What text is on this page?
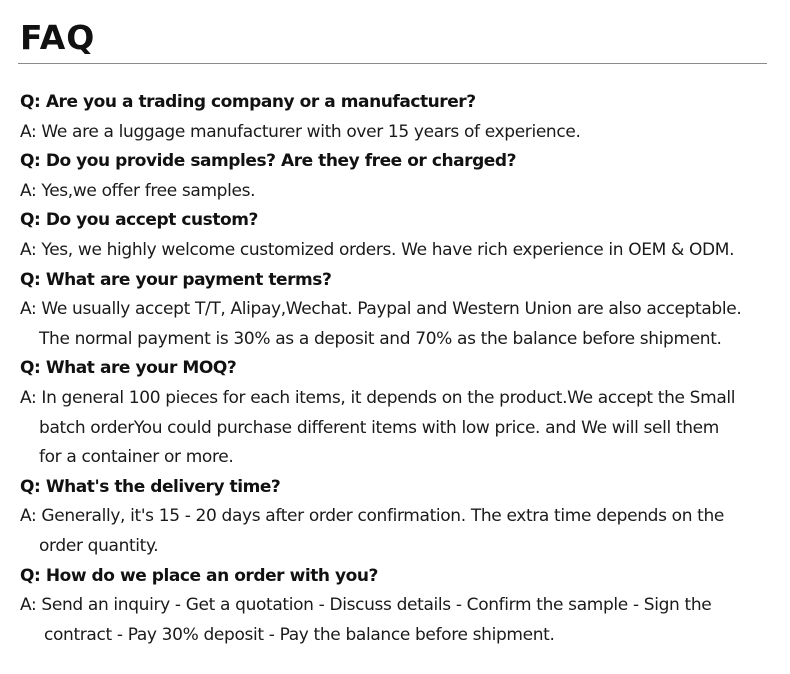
FAQ

Q: Are you a trading company or a manufacturer?

A: We are a luggage manufacturer with over 15 years of experience.

Q: Do you provide samples? Are they free or charged?

A: Yes,we offer free samples.

Q: Do you accept custom?

A: Yes, we highly welcome customized orders. We have rich experience in OEM & ODM.

Q: What are your payment terms?

A: We usually accept T/T, Alipay,Wechat. Paypal and Western Union are also acceptable.
The normal payment is 30% as a deposit and 70% as the balance before shipment.

Q: What are your MOQ?

A: In general 100 pieces for each items, it depends on the product.We accept the Small
batch orderYou could purchase different items with low price. and We will sell them
for a container or more.

Q: What's the delivery time?

A: Generally, it's 15 - 20 days after order confirmation. The extra time depends on the
order quantity.

Q: How do we place an order with you?

A: Send an inquiry - Get a quotation - Discuss details - Confirm the sample - Sign the
contract - Pay 30% deposit - Pay the balance before shipment.
